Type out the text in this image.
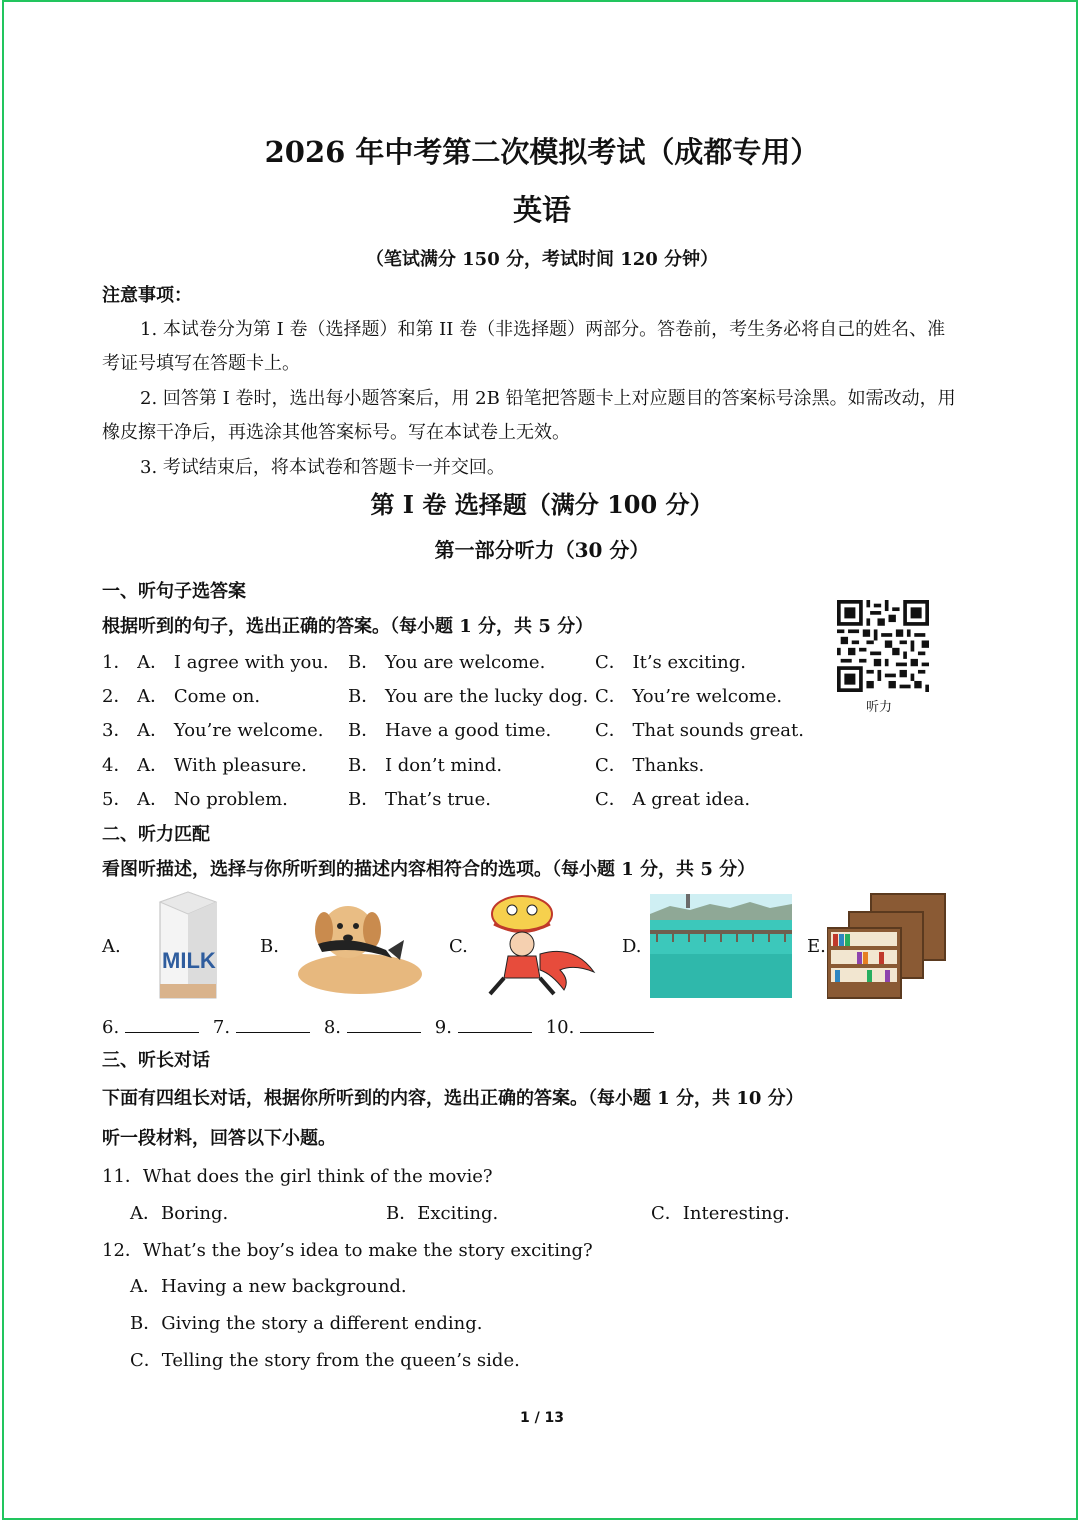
2026 年中考第二次模拟考试（成都专用）
英语
（笔试满分 150 分，考试时间 120 分钟）
注意事项：
1. 本试卷分为第 I 卷（选择题）和第 II 卷（非选择题）两部分。答卷前，考生务必将自己的姓名、准
考证号填写在答题卡上。
2. 回答第 I 卷时，选出每小题答案后，用 2B 铅笔把答题卡上对应题目的答案标号涂黑。如需改动，用
橡皮擦干净后，再选涂其他答案标号。写在本试卷上无效。
3. 考试结束后，将本试卷和答题卡一并交回。
第 I 卷 选择题（满分 100 分）
第一部分听力（30 分）
一、听句子选答案
根据听到的句子，选出正确的答案。（每小题 1 分，共 5 分）
听力
1． A． I agree with you. B． You are welcome.	C． It’s exciting.
2． A． Come on.	B． You are the lucky dog. C． You’re welcome.
3． A． You’re welcome. B． Have a good time. C． That sounds great.
4． A． With pleasure. B． I don’t mind.	C． Thanks.
5． A． No problem.	B． That’s true.	C． A great idea.
二、听力匹配
看图听描述，选择与你所听到的描述内容相符合的选项。（每小题 1 分，共 5 分）
A.
MILK
B.	C.	D.	E.
6.	7.	8.	9.	10.
三、听长对话
下面有四组长对话，根据你所听到的内容，选出正确的答案。（每小题 1 分，共 10 分）
听一段材料，回答以下小题。
11．What does the girl think of the movie?
A．Boring.	B．Exciting.	C．Interesting.
12．What’s the boy’s idea to make the story exciting?
A．Having a new background.
B．Giving the story a different ending.
C．Telling the story from the queen’s side.
1 / 13
